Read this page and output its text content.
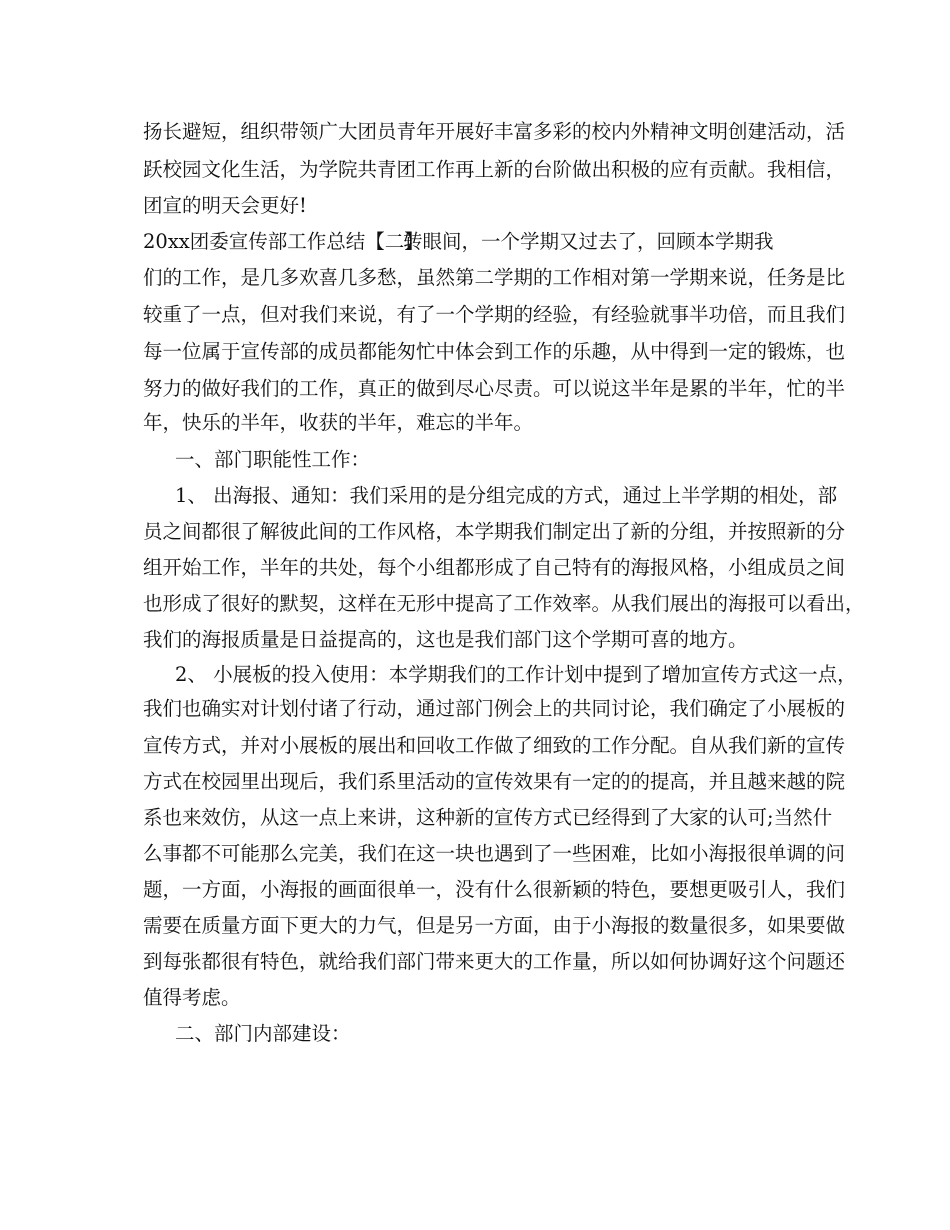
扬长避短，组织带领广大团员青年开展好丰富多彩的校内外精神文明创建活动，活
跃校园文化生活，为学院共青团工作再上新的台阶做出积极的应有贡献。我相信，
团宣的明天会更好!
20xx团委宣传部工作总结【二】转眼间，一个学期又过去了，回顾本学期我
们的工作，是几多欢喜几多愁，虽然第二学期的工作相对第一学期来说，任务是比
较重了一点，但对我们来说，有了一个学期的经验，有经验就事半功倍，而且我们
每一位属于宣传部的成员都能匆忙中体会到工作的乐趣，从中得到一定的锻炼，也
努力的做好我们的工作，真正的做到尽心尽责。可以说这半年是累的半年，忙的半
年，快乐的半年，收获的半年，难忘的半年。
一、部门职能性工作：
1、 出海报、通知：我们采用的是分组完成的方式，通过上半学期的相处，部
员之间都很了解彼此间的工作风格，本学期我们制定出了新的分组，并按照新的分
组开始工作，半年的共处，每个小组都形成了自己特有的海报风格，小组成员之间
也形成了很好的默契，这样在无形中提高了工作效率。从我们展出的海报可以看出，
我们的海报质量是日益提高的，这也是我们部门这个学期可喜的地方。
2、 小展板的投入使用：本学期我们的工作计划中提到了增加宣传方式这一点，
我们也确实对计划付诸了行动，通过部门例会上的共同讨论，我们确定了小展板的
宣传方式，并对小展板的展出和回收工作做了细致的工作分配。自从我们新的宣传
方式在校园里出现后，我们系里活动的宣传效果有一定的的提高，并且越来越的院
系也来效仿，从这一点上来讲，这种新的宣传方式已经得到了大家的认可;当然什
么事都不可能那么完美，我们在这一块也遇到了一些困难，比如小海报很单调的问
题，一方面，小海报的画面很单一，没有什么很新颖的特色，要想更吸引人，我们
需要在质量方面下更大的力气，但是另一方面，由于小海报的数量很多，如果要做
到每张都很有特色，就给我们部门带来更大的工作量，所以如何协调好这个问题还
值得考虑。
二、部门内部建设：
